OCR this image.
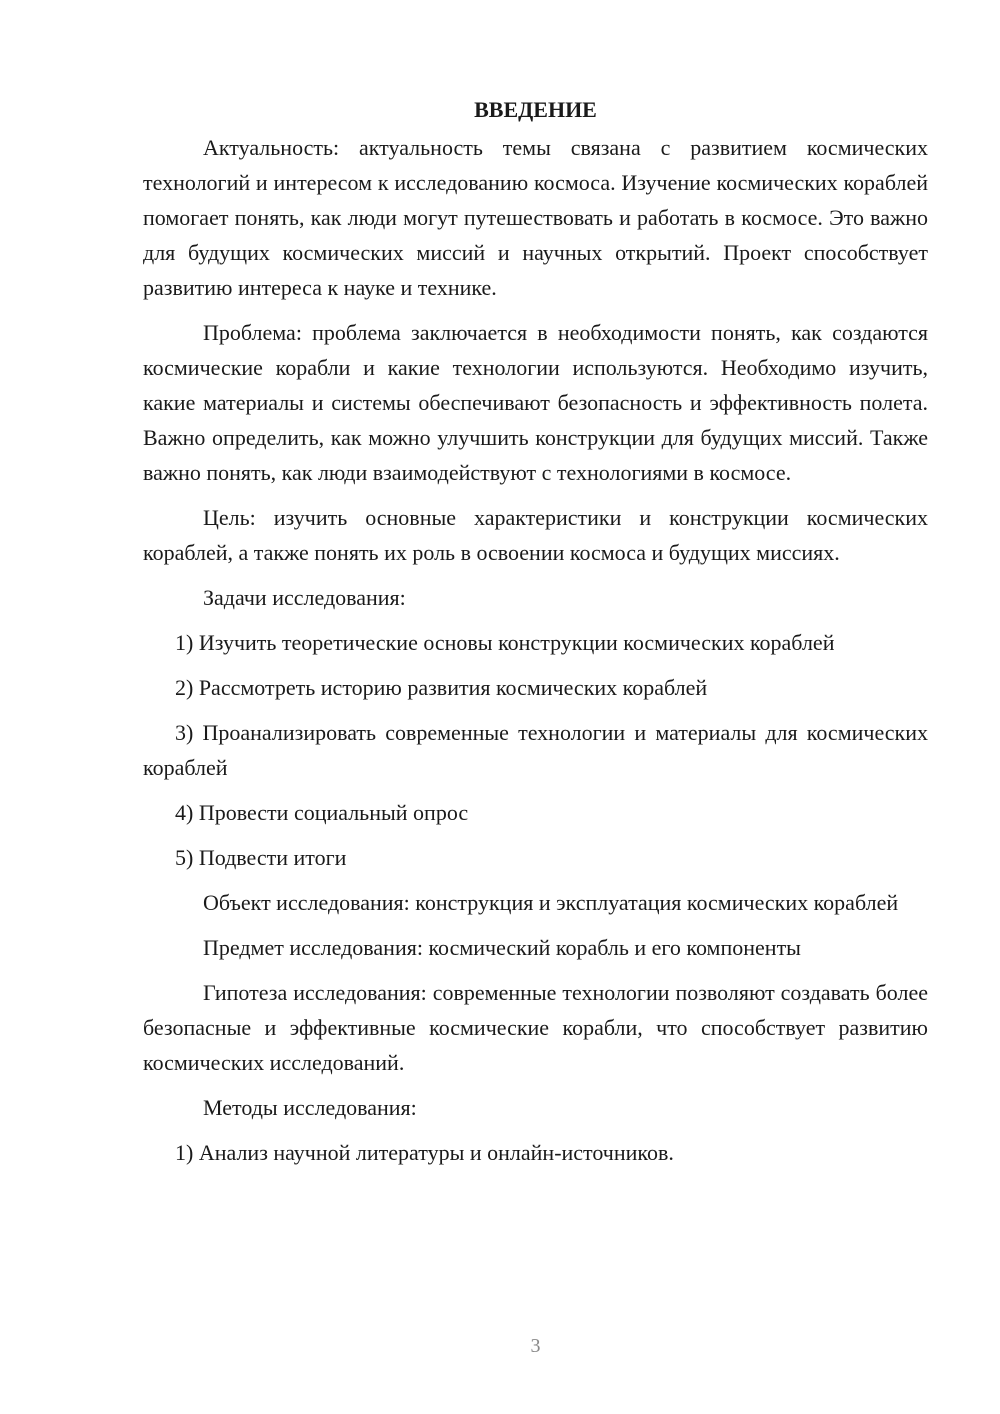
ВВЕДЕНИЕ

Актуальность: актуальность темы связана с развитием космических технологий и интересом к исследованию космоса. Изучение космических кораблей помогает понять, как люди могут путешествовать и работать в космосе. Это важно для будущих космических миссий и научных открытий. Проект способствует развитию интереса к науке и технике.

Проблема: проблема заключается в необходимости понять, как создаются космические корабли и какие технологии используются. Необходимо изучить, какие материалы и системы обеспечивают безопасность и эффективность полета. Важно определить, как можно улучшить конструкции для будущих миссий. Также важно понять, как люди взаимодействуют с технологиями в космосе.

Цель: изучить основные характеристики и конструкции космических кораблей, а также понять их роль в освоении космоса и будущих миссиях.

Задачи исследования:

1) Изучить теоретические основы конструкции космических кораблей

2) Рассмотреть историю развития космических кораблей

3) Проанализировать современные технологии и материалы для космических кораблей

4) Провести социальный опрос

5) Подвести итоги

Объект исследования: конструкция и эксплуатация космических кораблей

Предмет исследования: космический корабль и его компоненты

Гипотеза исследования: современные технологии позволяют создавать более безопасные и эффективные космические корабли, что способствует развитию космических исследований.

Методы исследования:

1) Анализ научной литературы и онлайн-источников.

3
